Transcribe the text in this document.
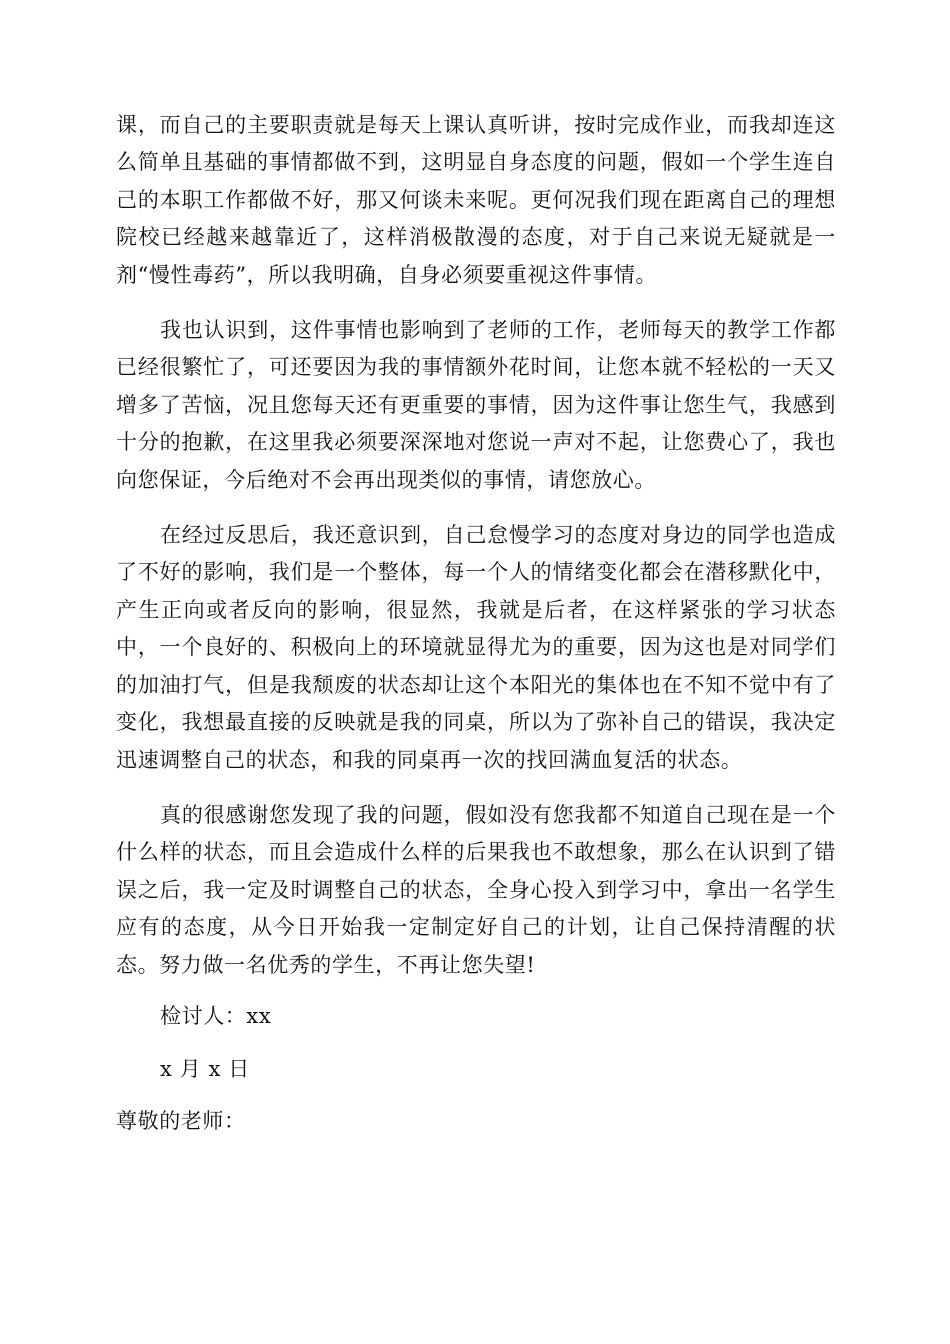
课，而自己的主要职责就是每天上课认真听讲，按时完成作业，而我却连这么简单且基础的事情都做不到，这明显自身态度的问题，假如一个学生连自己的本职工作都做不好，那又何谈未来呢。更何况我们现在距离自己的理想院校已经越来越靠近了，这样消极散漫的态度，对于自己来说无疑就是一剂“慢性毒药”，所以我明确，自身必须要重视这件事情。

我也认识到，这件事情也影响到了老师的工作，老师每天的教学工作都已经很繁忙了，可还要因为我的事情额外花时间，让您本就不轻松的一天又增多了苦恼，况且您每天还有更重要的事情，因为这件事让您生气，我感到十分的抱歉，在这里我必须要深深地对您说一声对不起，让您费心了，我也向您保证，今后绝对不会再出现类似的事情，请您放心。

在经过反思后，我还意识到，自己怠慢学习的态度对身边的同学也造成了不好的影响，我们是一个整体，每一个人的情绪变化都会在潜移默化中，产生正向或者反向的影响，很显然，我就是后者，在这样紧张的学习状态中，一个良好的、积极向上的环境就显得尤为的重要，因为这也是对同学们的加油打气，但是我颓废的状态却让这个本阳光的集体也在不知不觉中有了变化，我想最直接的反映就是我的同桌，所以为了弥补自己的错误，我决定迅速调整自己的状态，和我的同桌再一次的找回满血复活的状态。

真的很感谢您发现了我的问题，假如没有您我都不知道自己现在是一个什么样的状态，而且会造成什么样的后果我也不敢想象，那么在认识到了错误之后，我一定及时调整自己的状态，全身心投入到学习中，拿出一名学生应有的态度，从今日开始我一定制定好自己的计划，让自己保持清醒的状态。努力做一名优秀的学生，不再让您失望!

检讨人：xx

x 月 x 日

尊敬的老师：
